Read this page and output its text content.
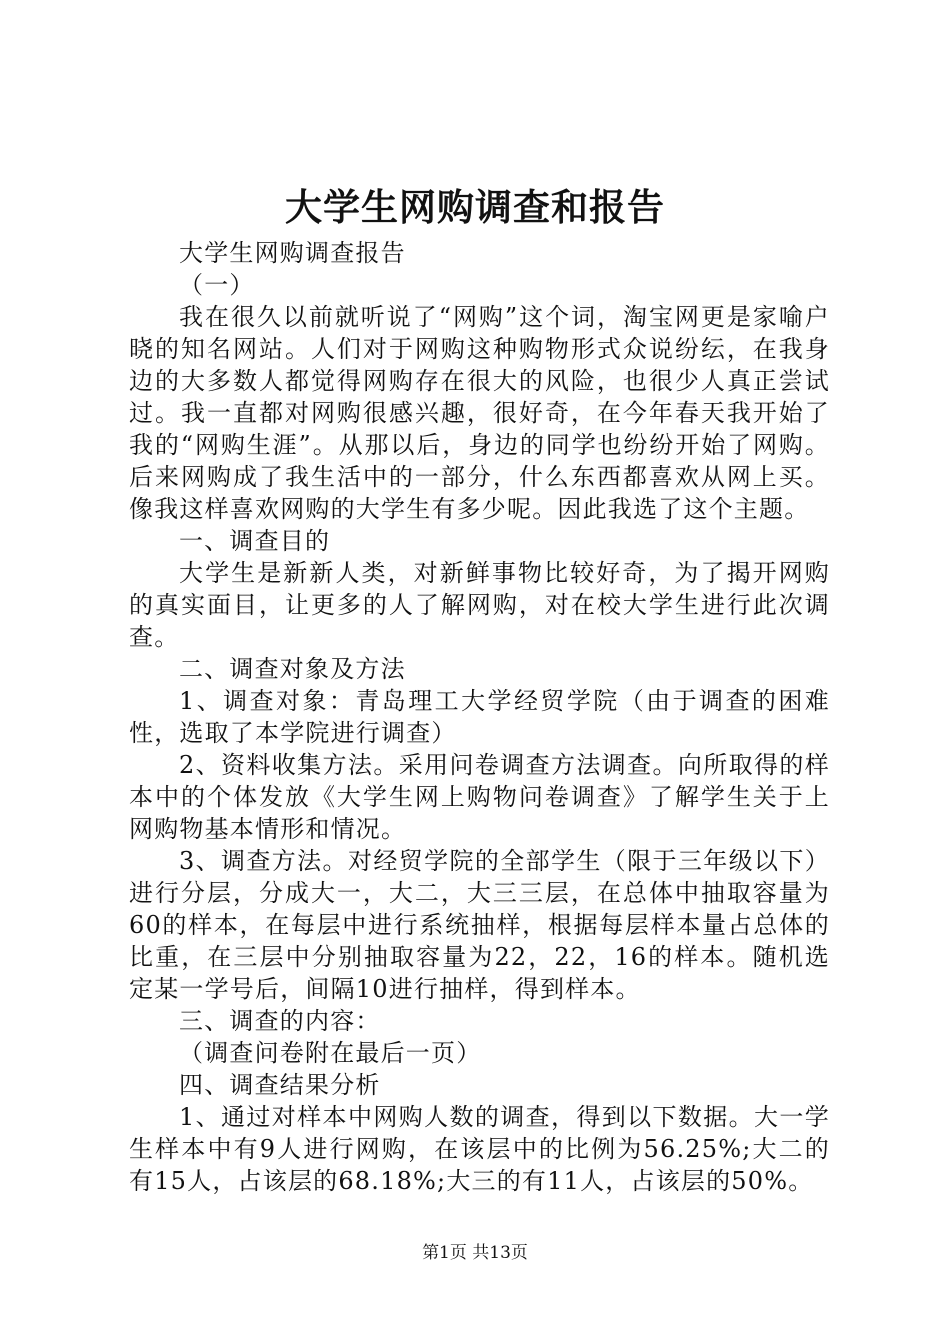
大学生网购调查和报告

大学生网购调查报告

（一）

我在很久以前就听说了“网购”这个词，淘宝网更是家喻户晓的知名网站。人们对于网购这种购物形式众说纷纭，在我身边的大多数人都觉得网购存在很大的风险，也很少人真正尝试过。我一直都对网购很感兴趣，很好奇，在今年春天我开始了我的“网购生涯”。从那以后，身边的同学也纷纷开始了网购。后来网购成了我生活中的一部分，什么东西都喜欢从网上买。像我这样喜欢网购的大学生有多少呢。因此我选了这个主题。

一、调查目的

大学生是新新人类，对新鲜事物比较好奇，为了揭开网购的真实面目，让更多的人了解网购，对在校大学生进行此次调查。

二、调查对象及方法

1、调查对象：青岛理工大学经贸学院（由于调查的困难性，选取了本学院进行调查）

2、资料收集方法。采用问卷调查方法调查。向所取得的样本中的个体发放《大学生网上购物问卷调查》了解学生关于上网购物基本情形和情况。

3、调查方法。对经贸学院的全部学生（限于三年级以下）进行分层，分成大一，大二，大三三层，在总体中抽取容量为60的样本，在每层中进行系统抽样，根据每层样本量占总体的比重，在三层中分别抽取容量为22，22，16的样本。随机选定某一学号后，间隔10进行抽样，得到样本。

三、调查的内容：

（调查问卷附在最后一页）

四、调查结果分析

1、通过对样本中网购人数的调查，得到以下数据。大一学生样本中有9人进行网购，在该层中的比例为56.25%;大二的有15人，占该层的68.18%;大三的有11人，占该层的50%。

第1页 共13页
